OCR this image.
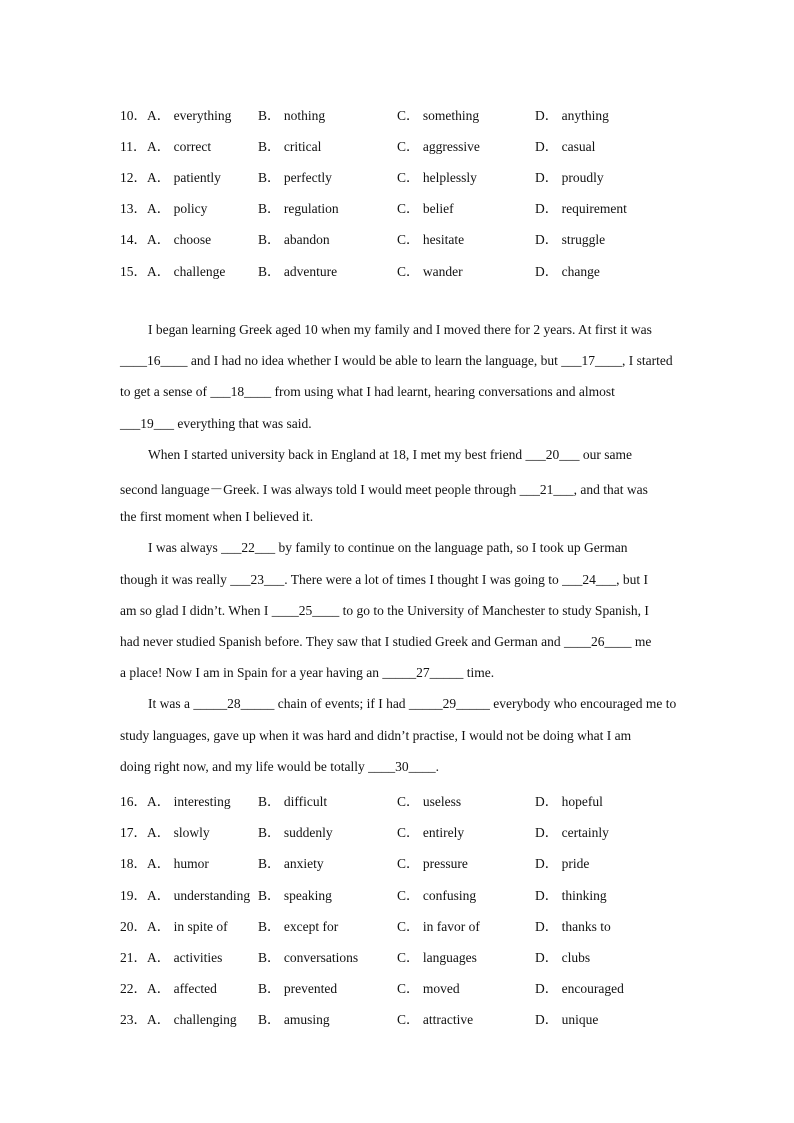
10． A． everything B． nothing	C． something	D． anything
11． A． correct	B． critical	C． aggressive	D． casual
12． A． patiently	B． perfectly	C． helplessly	D． proudly
13． A． policy	B． regulation	C． belief	D． requirement
14． A． choose	B． abandon	C． hesitate	D． struggle
15． A． challenge B． adventure	C． wander	D． change
I began learning Greek aged 10 when my family and I moved there for 2 years. At first it was
____16____ and I had no idea whether I would be able to learn the language, but ___17____, I started
to get a sense of ___18____ from using what I had learnt, hearing conversations and almost
___19___ everything that was said.
When I started university back in England at 18, I met my best friend ___20___ our same
second language－Greek. I was always told I would meet people through ___21___, and that was
the first moment when I believed it.
I was always ___22___ by family to continue on the language path, so I took up German
though it was really ___23___. There were a lot of times I thought I was going to ___24___, but I
am so glad I didn’t. When I ____25____ to go to the University of Manchester to study Spanish, I
had never studied Spanish before. They saw that I studied Greek and German and ____26____ me
a place! Now I am in Spain for a year having an _____27_____ time.
It was a _____28_____ chain of events; if I had _____29_____ everybody who encouraged me to
study languages, gave up when it was hard and didn’t practise, I would not be doing what I am
doing right now, and my life would be totally ____30____.
16． A． interesting B． difficult	C． useless	D． hopeful
17． A． slowly	B． suddenly	C． entirely	D． certainly
18． A． humor	B． anxiety	C． pressure	D． pride
19． A． understanding B． speaking	C． confusing	D． thinking
20． A． in spite of B． except for	C． in favor of	D． thanks to
21． A． activities	B． conversations	C． languages	D． clubs
22． A． affected	B． prevented	C． moved	D． encouraged
23． A． challenging B． amusing	C． attractive	D． unique
